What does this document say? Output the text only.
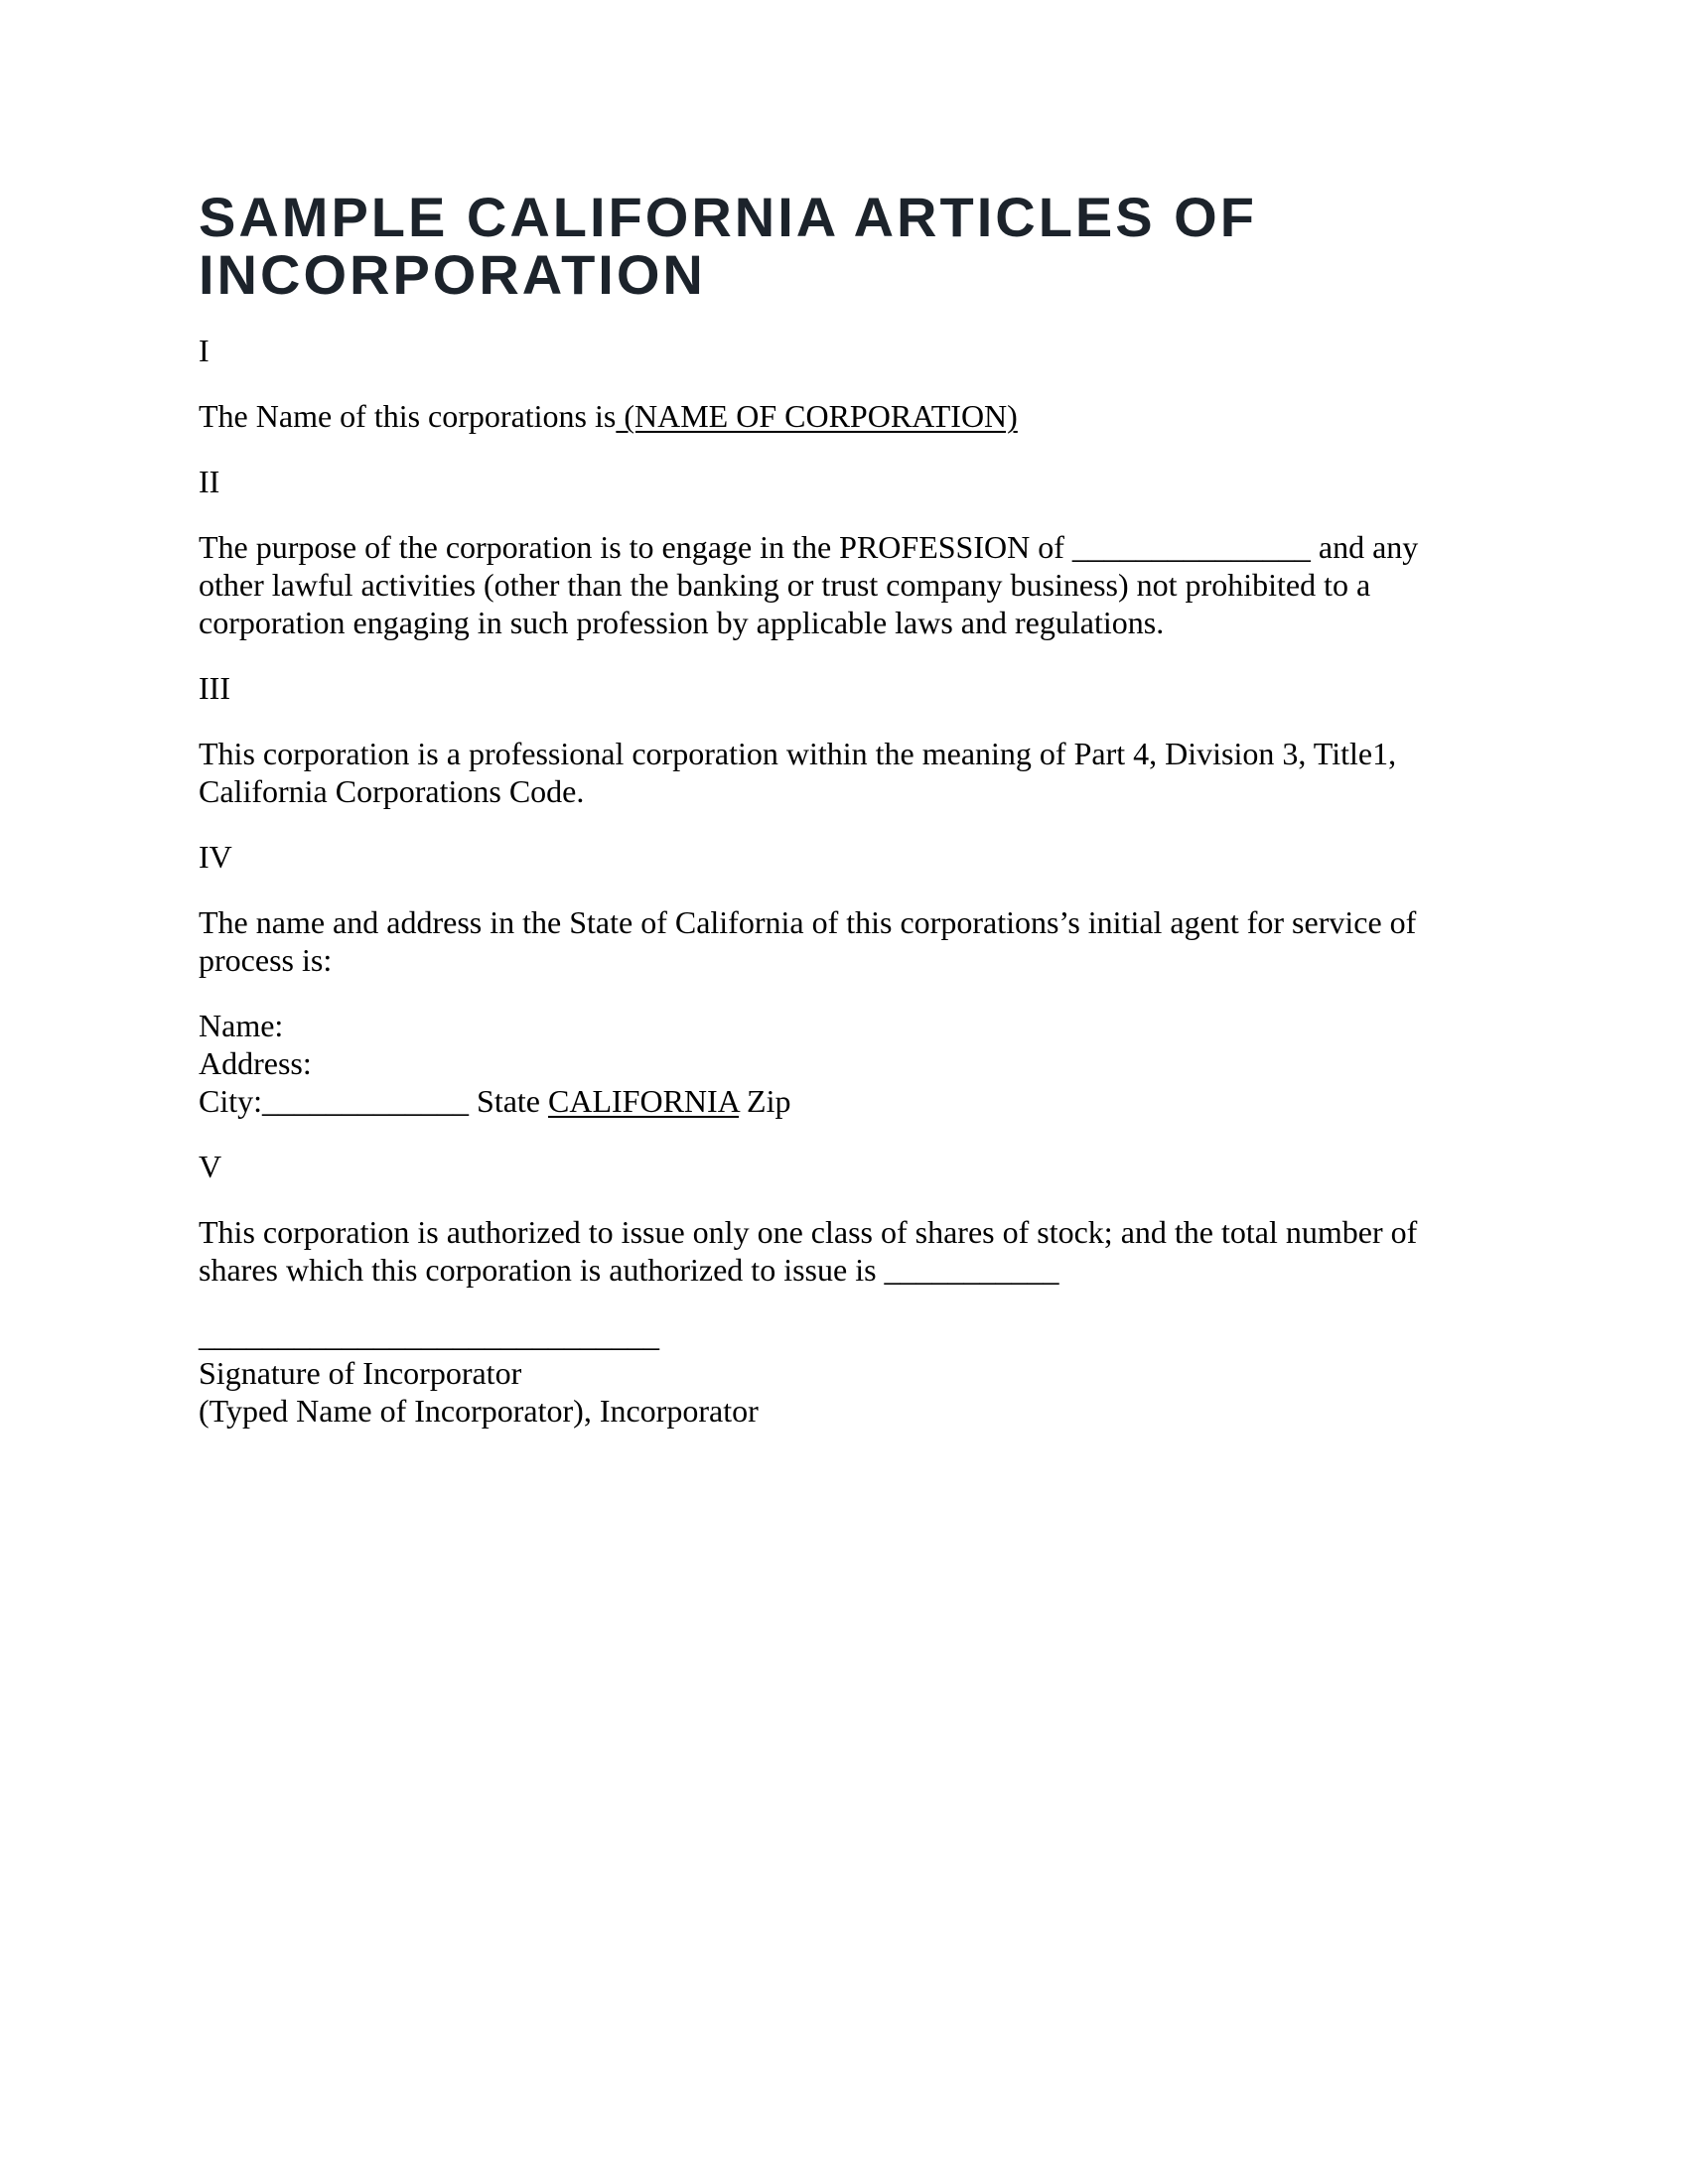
SAMPLE CALIFORNIA ARTICLES OF INCORPORATION
I
The Name of this corporations is (NAME OF CORPORATION)
II
The purpose of the corporation is to engage in the PROFESSION of _______________ and any other lawful activities (other than the banking or trust company business) not prohibited to a corporation engaging in such profession by applicable laws and regulations.
III
This corporation is a professional corporation within the meaning of Part 4, Division 3, Title1, California Corporations Code.
IV
The name and address in the State of California of this corporations’s initial agent for service of process is:
Name:
Address:
City:_____________ State CALIFORNIA Zip
V
This corporation is authorized to issue only one class of shares of stock; and the total number of shares which this corporation is authorized to issue is ___________
_____________________________
Signature of Incorporator
(Typed Name of Incorporator), Incorporator
